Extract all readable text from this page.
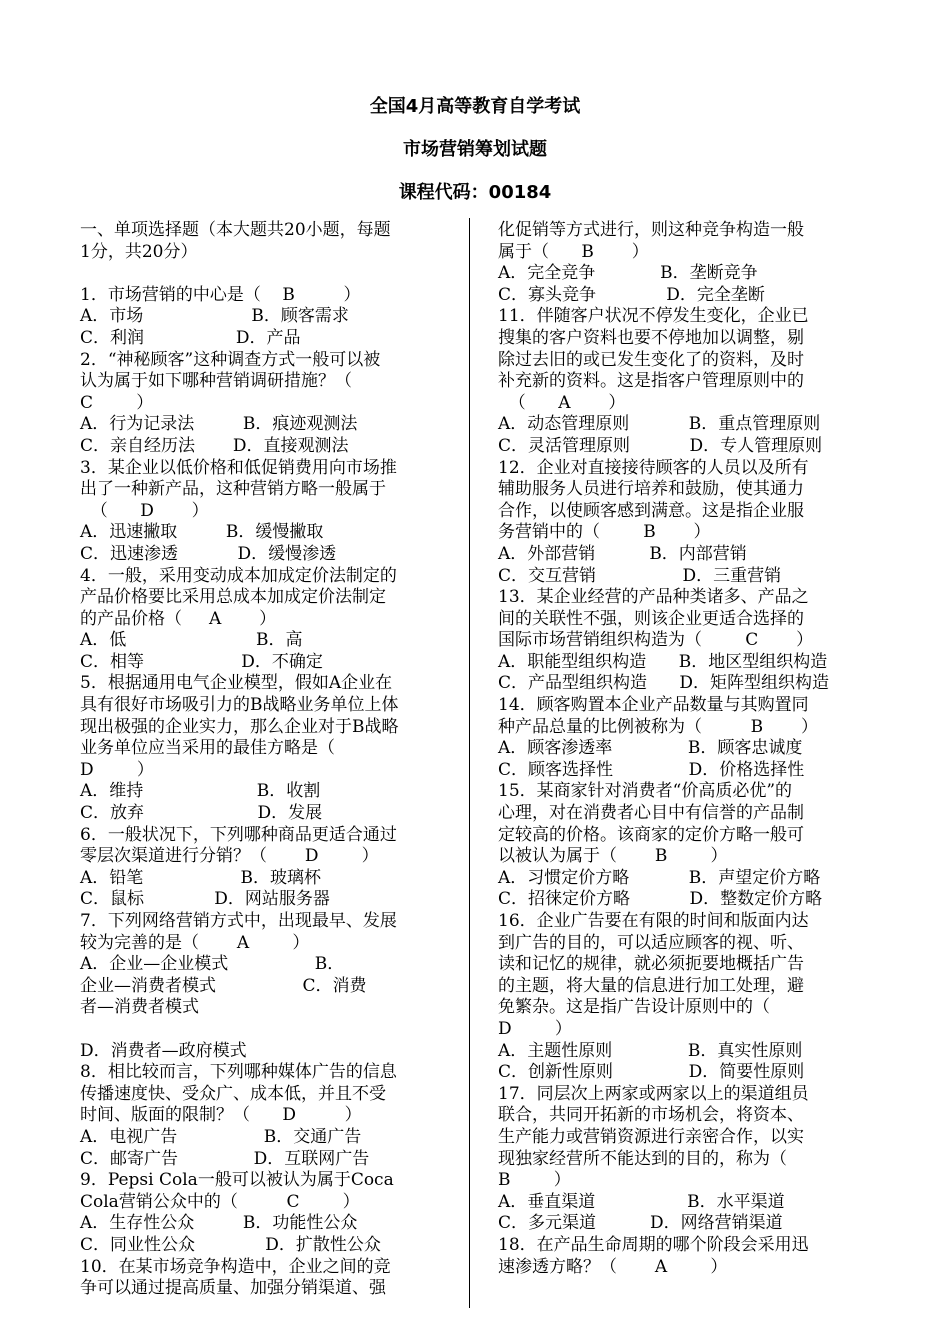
全国4月高等教育自学考试
市场营销筹划试题
课程代码：00184
一、单项选择题（本大题共20小题，每题
1分，共20分）
1．市场营销的中心是（    B         ）
A．市场                    B．顾客需求
C．利润                 D．产品
2．“神秘顾客”这种调查方式一般可以被
认为属于如下哪种营销调研措施？（
C        ）
A．行为记录法         B．痕迹观测法
C．亲自经历法       D．直接观测法
3．某企业以低价格和低促销费用向市场推
出了一种新产品，这种营销方略一般属于
（      D       ）
A．迅速撇取         B．缓慢撇取
C．迅速渗透           D．缓慢渗透
4．一般，采用变动成本加成定价法制定的
产品价格要比采用总成本加成定价法制定
的产品价格（     A       ）
A．低                        B．高
C．相等                  D．不确定
5．根据通用电气企业模型，假如A企业在
具有很好市场吸引力的B战略业务单位上体
现出极强的企业实力，那么企业对于B战略
业务单位应当采用的最佳方略是（
D        ）
A．维持                     B．收割
C．放弃                     D．发展
6．一般状况下，下列哪种商品更适合通过
零层次渠道进行分销？（       D        ）
A．铅笔                  B．玻璃杯
C．鼠标             D．网站服务器
7．下列网络营销方式中，出现最早、发展
较为完善的是（       A        ）
A．企业—企业模式                B．
企业—消费者模式                C．消费
者—消费者模式
D．消费者—政府模式
8．相比较而言，下列哪种媒体广告的信息
传播速度快、受众广、成本低，并且不受
时间、版面的限制？（      D         ）
A．电视广告                B．交通广告
C．邮寄广告              D．互联网广告
9．Pepsi Cola一般可以被认为属于Coca
Cola营销公众中的（         C        ）
A．生存性公众         B．功能性公众
C．同业性公众             D．扩散性公众
10．在某市场竞争构造中，企业之间的竞
争可以通过提高质量、加强分销渠道、强
化促销等方式进行，则这种竞争构造一般
属于（      B       ）
A．完全竞争            B．垄断竞争
C．寡头竞争             D．完全垄断
11．伴随客户状况不停发生变化，企业已
搜集的客户资料也要不停地加以调整，剔
除过去旧的或已发生变化了的资料，及时
补充新的资料。这是指客户管理原则中的
（      A       ）
A．动态管理原则           B．重点管理原则
C．灵活管理原则           D．专人管理原则
12．企业对直接接待顾客的人员以及所有
辅助服务人员进行培养和鼓励，使其通力
合作，以使顾客感到满意。这是指企业服
务营销中的（        B       ）
A．外部营销          B．内部营销
C．交互营销                D．三重营销
13．某企业经营的产品种类诸多、产品之
间的关联性不强，则该企业更适合选择的
国际市场营销组织构造为（        C       ）
A．职能型组织构造      B．地区型组织构造
C．产品型组织构造      D．矩阵型组织构造
14．顾客购置本企业产品数量与其购置同
种产品总量的比例被称为（         B       ）
A．顾客渗透率              B．顾客忠诚度
C．顾客选择性              D．价格选择性
15．某商家针对消费者“价高质必优”的
心理，对在消费者心目中有信誉的产品制
定较高的价格。该商家的定价方略一般可
以被认为属于（       B        ）
A．习惯定价方略           B．声望定价方略
C．招徕定价方略           D．整数定价方略
16．企业广告要在有限的时间和版面内达
到广告的目的，可以适应顾客的视、听、
读和记忆的规律，就必须扼要地概括广告
的主题，将大量的信息进行加工处理，避
免繁杂。这是指广告设计原则中的（
D        ）
A．主题性原则              B．真实性原则
C．创新性原则              D．简要性原则
17．同层次上两家或两家以上的渠道组员
联合，共同开拓新的市场机会，将资本、
生产能力或营销资源进行亲密合作，以实
现独家经营所不能达到的目的，称为（
B        ）
A．垂直渠道                 B．水平渠道
C．多元渠道          D．网络营销渠道
18．在产品生命周期的哪个阶段会采用迅
速渗透方略？（       A        ）
